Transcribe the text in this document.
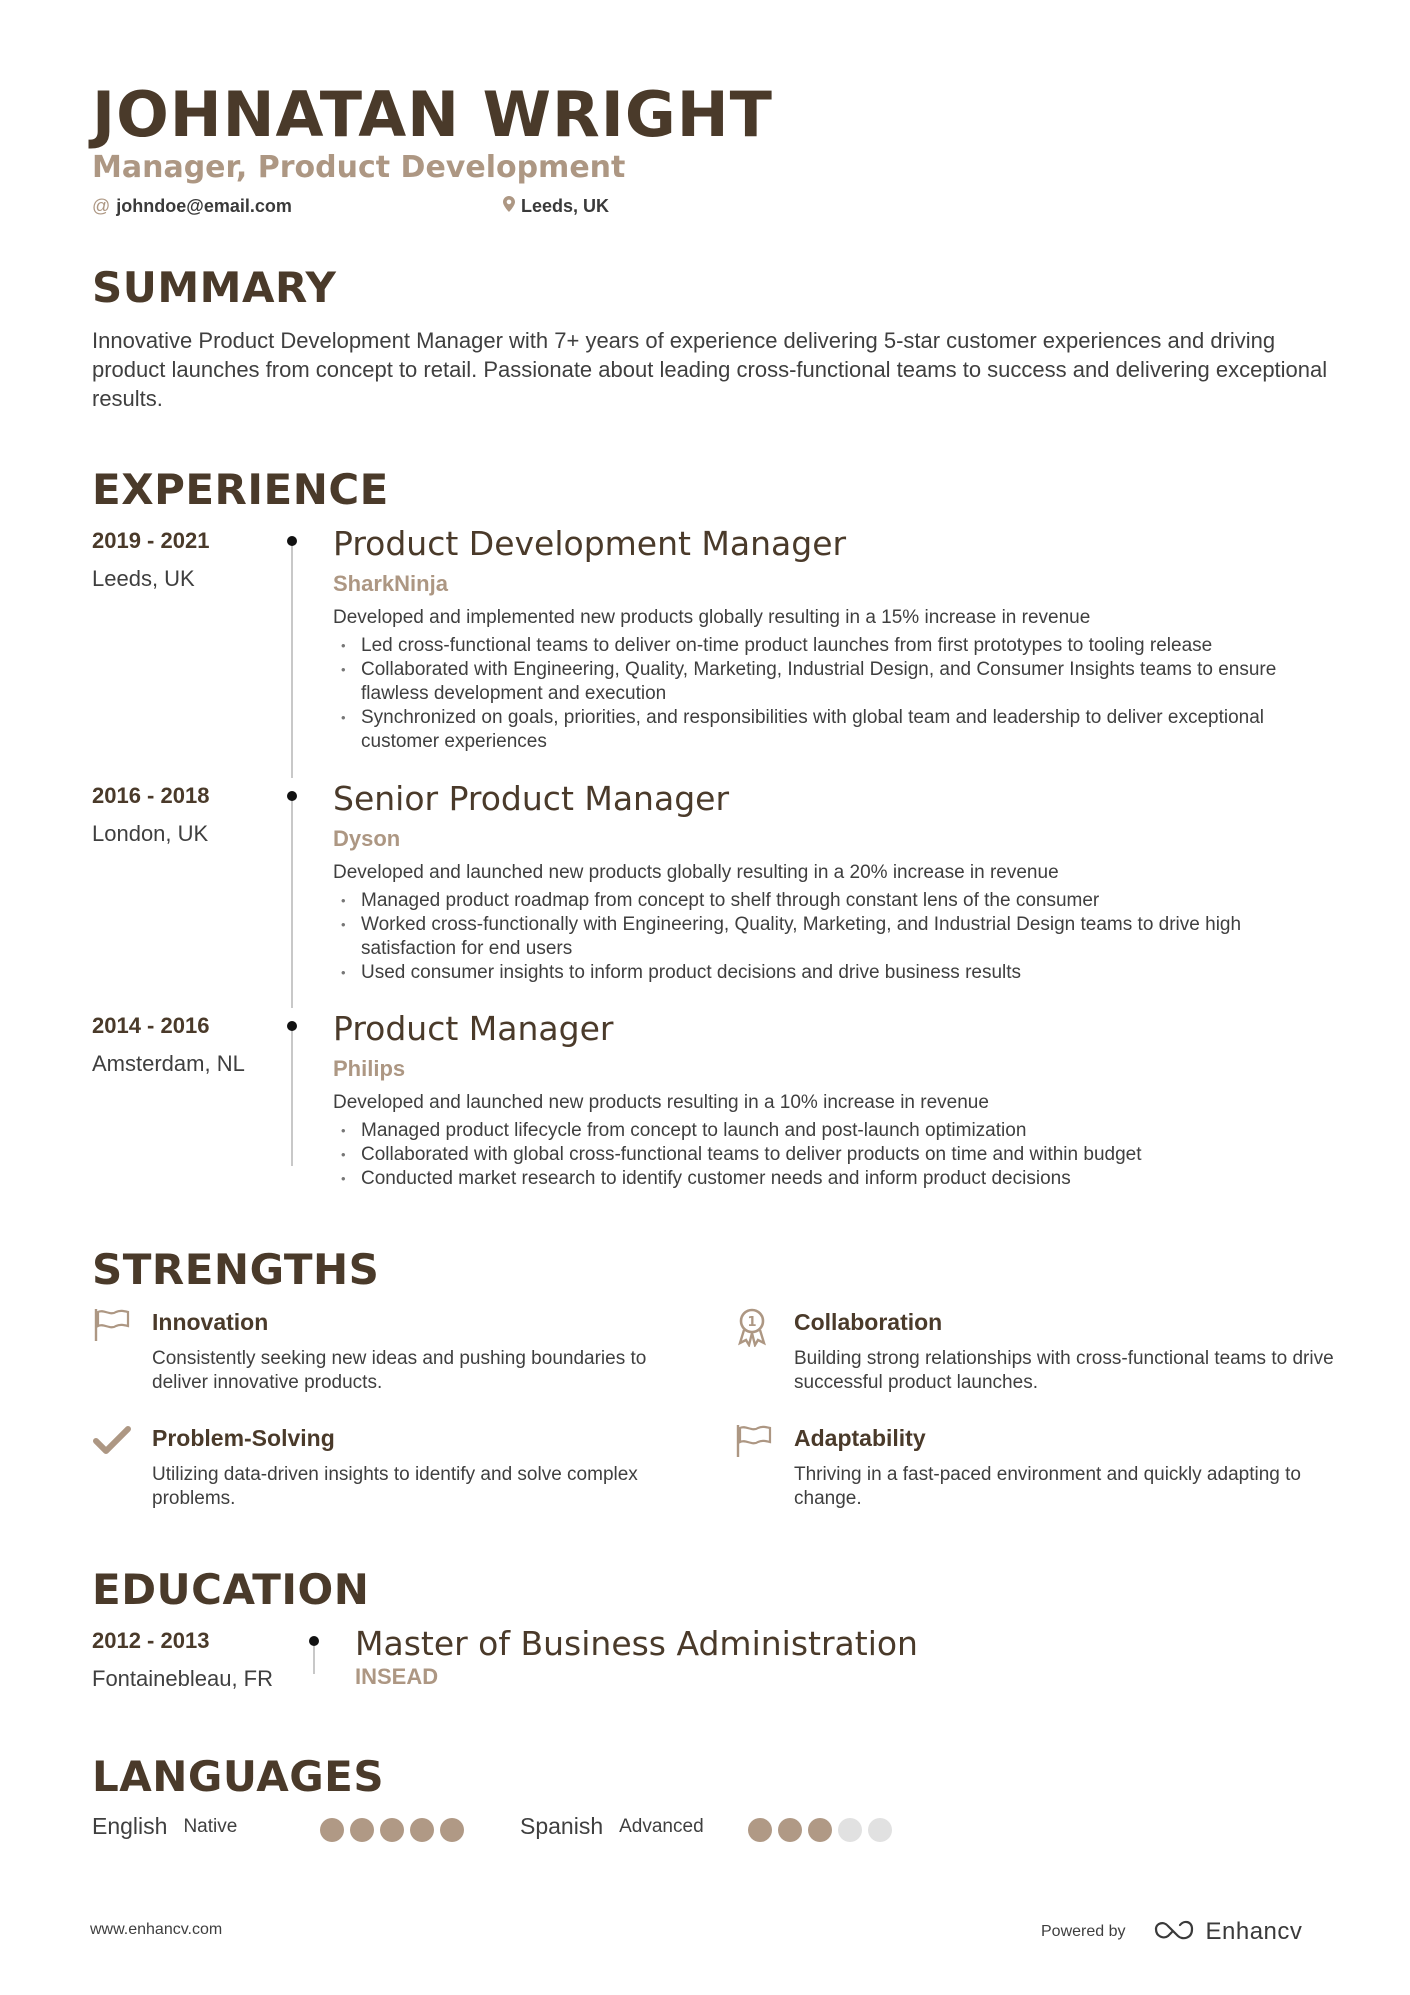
JOHNATAN WRIGHT
Manager, Product Development
@ johndoe@email.com	Leeds, UK
SUMMARY
Innovative Product Development Manager with 7+ years of experience delivering 5-star customer experiences and driving product launches from concept to retail. Passionate about leading cross-functional teams to success and delivering exceptional results.
EXPERIENCE
2019 - 2021
Leeds, UK
Product Development Manager
SharkNinja
Developed and implemented new products globally resulting in a 15% increase in revenue
• Led cross-functional teams to deliver on-time product launches from first prototypes to tooling release
• Collaborated with Engineering, Quality, Marketing, Industrial Design, and Consumer Insights teams to ensure flawless development and execution
• Synchronized on goals, priorities, and responsibilities with global team and leadership to deliver exceptional customer experiences
2016 - 2018
London, UK
Senior Product Manager
Dyson
Developed and launched new products globally resulting in a 20% increase in revenue
• Managed product roadmap from concept to shelf through constant lens of the consumer
• Worked cross-functionally with Engineering, Quality, Marketing, and Industrial Design teams to drive high satisfaction for end users
• Used consumer insights to inform product decisions and drive business results
2014 - 2016
Amsterdam, NL
Product Manager
Philips
Developed and launched new products resulting in a 10% increase in revenue
• Managed product lifecycle from concept to launch and post-launch optimization
• Collaborated with global cross-functional teams to deliver products on time and within budget
• Conducted market research to identify customer needs and inform product decisions
STRENGTHS
Innovation
Consistently seeking new ideas and pushing boundaries to deliver innovative products.
1 Collaboration
Building strong relationships with cross-functional teams to drive successful product launches.
Problem-Solving
Utilizing data-driven insights to identify and solve complex problems.
Adaptability
Thriving in a fast-paced environment and quickly adapting to change.
EDUCATION
2012 - 2013
Fontainebleau, FR
Master of Business Administration
INSEAD
LANGUAGES
English Native	Spanish Advanced
www.enhancv.com	Powered by	Enhancv
